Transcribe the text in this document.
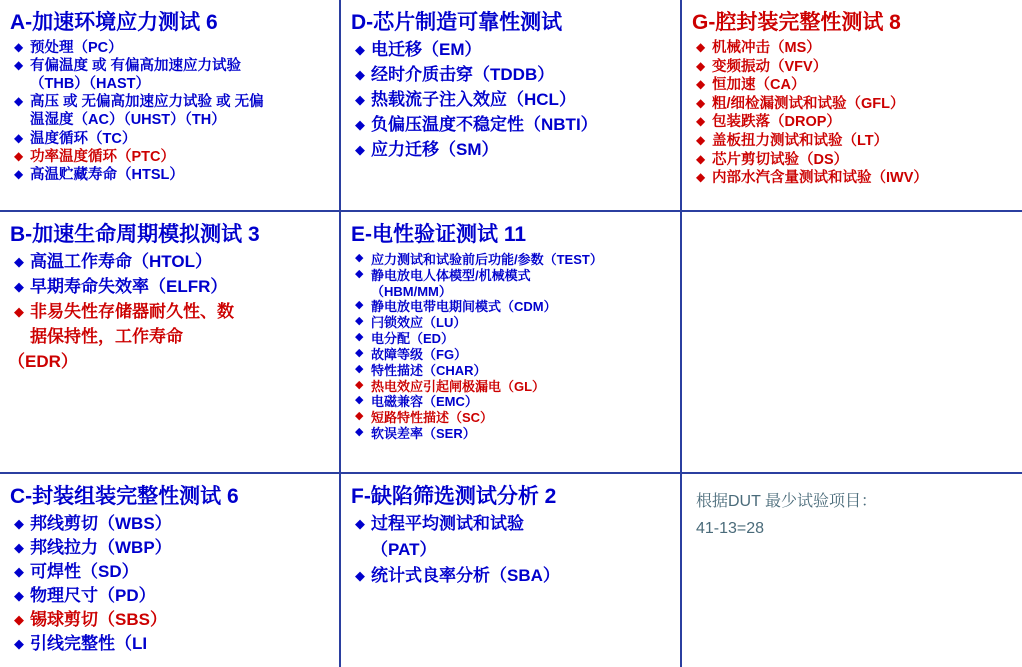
A-加速环境应力测试 6
◆ 预处理（PC）
◆ 有偏温度 或 有偏高加速应力试验
（THB）（HAST）
◆ 高压 或 无偏高加速应力试验 或 无偏
温湿度（AC）（UHST）（TH）
◆ 温度循环（TC）
◆ 功率温度循环（PTC）
◆ 高温贮藏寿命（HTSL）
D-芯片制造可靠性测试
◆ 电迁移（EM）
◆ 经时介质击穿（TDDB）
◆ 热载流子注入效应（HCL）
◆ 负偏压温度不稳定性（NBTI）
◆ 应力迁移（SM）
G-腔封装完整性测试 8
◆ 机械冲击（MS）
◆ 变频振动（VFV）
◆ 恒加速（CA）
◆ 粗/细检漏测试和试验（GFL）
◆ 包装跌落（DROP）
◆ 盖板扭力测试和试验（LT）
◆ 芯片剪切试验（DS）
◆ 内部水汽含量测试和试验（IWV）
B-加速生命周期模拟测试 3
◆ 高温工作寿命（HTOL）
◆ 早期寿命失效率（ELFR）
◆ 非易失性存储器耐久性、数
据保持性，工作寿命
（EDR）
E-电性验证测试 11
◆ 应力测试和试验前后功能/参数（TEST）
◆ 静电放电人体模型/机械模式
（HBM/MM）
◆ 静电放电带电期间模式（CDM）
◆ 闩锁效应（LU）
◆ 电分配（ED）
◆ 故障等级（FG）
◆ 特性描述（CHAR）
◆ 热电效应引起闸极漏电（GL）
◆ 电磁兼容（EMC）
◆ 短路特性描述（SC）
◆ 软误差率（SER）
C-封装组装完整性测试 6
◆ 邦线剪切（WBS）
◆ 邦线拉力（WBP）
◆ 可焊性（SD）
◆ 物理尺寸（PD）
◆ 锡球剪切（SBS）
◆ 引线完整性（LI
F-缺陷筛选测试分析 2
◆ 过程平均测试和试验
（PAT）
◆ 统计式良率分析（SBA）
根据DUT 最少试验项目：
41-13=28
